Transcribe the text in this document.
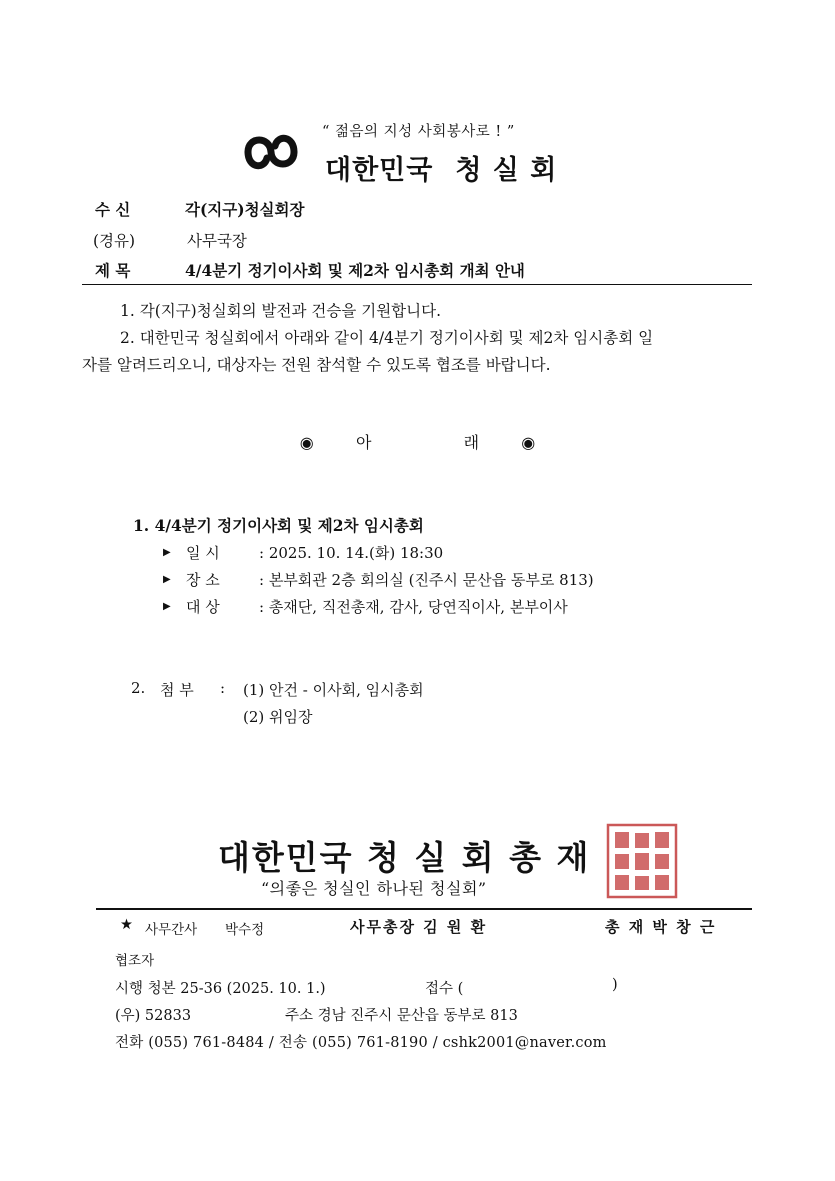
“ 젊음의 지성 사회봉사로 ! ”
대한민국 청 실 회
수 신	각(지구)청실회장
(경유)	사무국장
제 목	4/4분기 정기이사회 및 제2차 임시총회 개최 안내
1. 각(지구)청실회의 발전과 건승을 기원합니다.
2. 대한민국 청실회에서 아래와 같이 4/4분기 정기이사회 및 제2차 임시총회 일
자를 알려드리오니, 대상자는 전원 참석할 수 있도록 협조를 바랍니다.
◉	아	래	◉
1. 4/4분기 정기이사회 및 제2차 임시총회
▶ 일 시	: 2025. 10. 14.(화) 18:30
▶ 장 소	: 본부회관 2층 회의실 (진주시 문산읍 동부로 813)
▶ 대 상	: 총재단, 직전총재, 감사, 당연직이사, 본부이사
2. 첨 부 : (1) 안건 - 이사회, 임시총회
(2) 위임장
대한민국 청 실 회 총 재
“의좋은 청실인 하나된 청실회”
★ 사무간사 박수정	사무총장 김 원 환	총 재 박 창 근
협조자
시행 청본 25-36 (2025. 10. 1.)	접수 (	)
(우) 52833	주소 경남 진주시 문산읍 동부로 813
전화 (055) 761-8484 / 전송 (055) 761-8190 / cshk2001@naver.com
